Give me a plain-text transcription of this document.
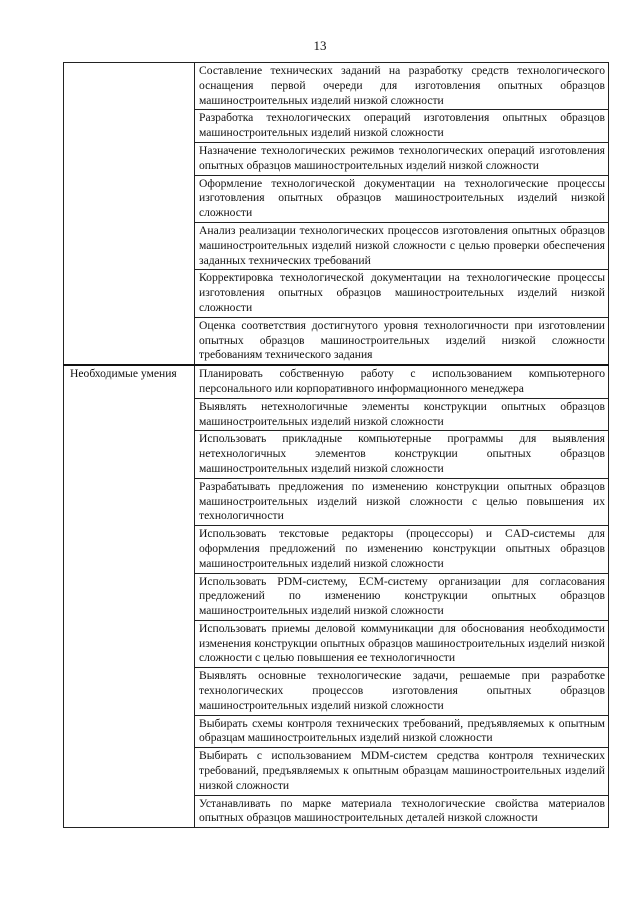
13

	Составление технических заданий на разработку средств технологического оснащения первой очереди для изготовления опытных образцов машиностроительных изделий низкой сложности

	Разработка технологических операций изготовления опытных образцов машиностроительных изделий низкой сложности

	Назначение технологических режимов технологических операций изготовления опытных образцов машиностроительных изделий низкой сложности

	Оформление технологической документации на технологические процессы изготовления опытных образцов машиностроительных изделий низкой сложности

	Анализ реализации технологических процессов изготовления опытных образцов машиностроительных изделий низкой сложности с целью проверки обеспечения заданных технических требований

	Корректировка технологической документации на технологические процессы изготовления опытных образцов машиностроительных изделий низкой сложности

	Оценка соответствия достигнутого уровня технологичности при изготовлении опытных образцов машиностроительных изделий низкой сложности требованиям технического задания

Необходимые умения	Планировать собственную работу с использованием компьютерного персонального или корпоративного информационного менеджера

	Выявлять нетехнологичные элементы конструкции опытных образцов машиностроительных изделий низкой сложности

	Использовать прикладные компьютерные программы для выявления нетехнологичных элементов конструкции опытных образцов машиностроительных изделий низкой сложности

	Разрабатывать предложения по изменению конструкции опытных образцов машиностроительных изделий низкой сложности с целью повышения их технологичности

	Использовать текстовые редакторы (процессоры) и CAD-системы для оформления предложений по изменению конструкции опытных образцов машиностроительных изделий низкой сложности

	Использовать PDM-систему, ECM-систему организации для согласования предложений по изменению конструкции опытных образцов машиностроительных изделий низкой сложности

	Использовать приемы деловой коммуникации для обоснования необходимости изменения конструкции опытных образцов машиностроительных изделий низкой сложности с целью повышения ее технологичности

	Выявлять основные технологические задачи, решаемые при разработке технологических процессов изготовления опытных образцов машиностроительных изделий низкой сложности

	Выбирать схемы контроля технических требований, предъявляемых к опытным образцам машиностроительных изделий низкой сложности

	Выбирать с использованием MDM-систем средства контроля технических требований, предъявляемых к опытным образцам машиностроительных изделий низкой сложности

	Устанавливать по марке материала технологические свойства материалов опытных образцов машиностроительных деталей низкой сложности
